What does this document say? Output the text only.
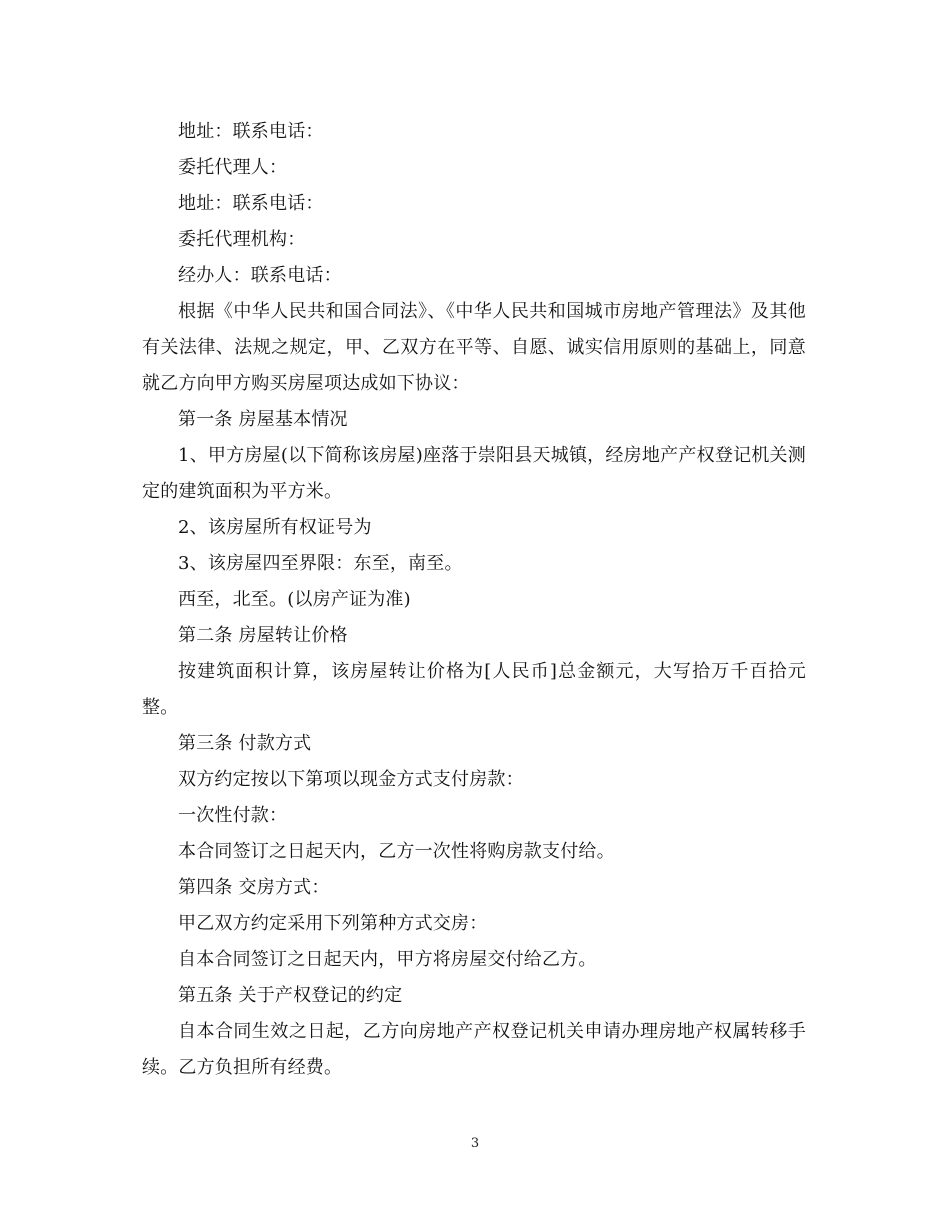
地址：联系电话：

委托代理人：

地址：联系电话：

委托代理机构：

经办人：联系电话：

根据《中华人民共和国合同法》、《中华人民共和国城市房地产管理法》及其他有关法律、法规之规定，甲、乙双方在平等、自愿、诚实信用原则的基础上，同意就乙方向甲方购买房屋项达成如下协议：

第一条 房屋基本情况

1、甲方房屋(以下简称该房屋)座落于崇阳县天城镇，经房地产产权登记机关测定的建筑面积为平方米。

2、该房屋所有权证号为

3、该房屋四至界限：东至，南至。

西至，北至。(以房产证为准)

第二条 房屋转让价格

按建筑面积计算，该房屋转让价格为[人民币]总金额元，大写拾万千百拾元整。

第三条 付款方式

双方约定按以下第项以现金方式支付房款：

一次性付款：

本合同签订之日起天内，乙方一次性将购房款支付给。

第四条 交房方式：

甲乙双方约定采用下列第种方式交房：

自本合同签订之日起天内，甲方将房屋交付给乙方。

第五条 关于产权登记的约定

自本合同生效之日起，乙方向房地产产权登记机关申请办理房地产权属转移手续。乙方负担所有经费。

3
